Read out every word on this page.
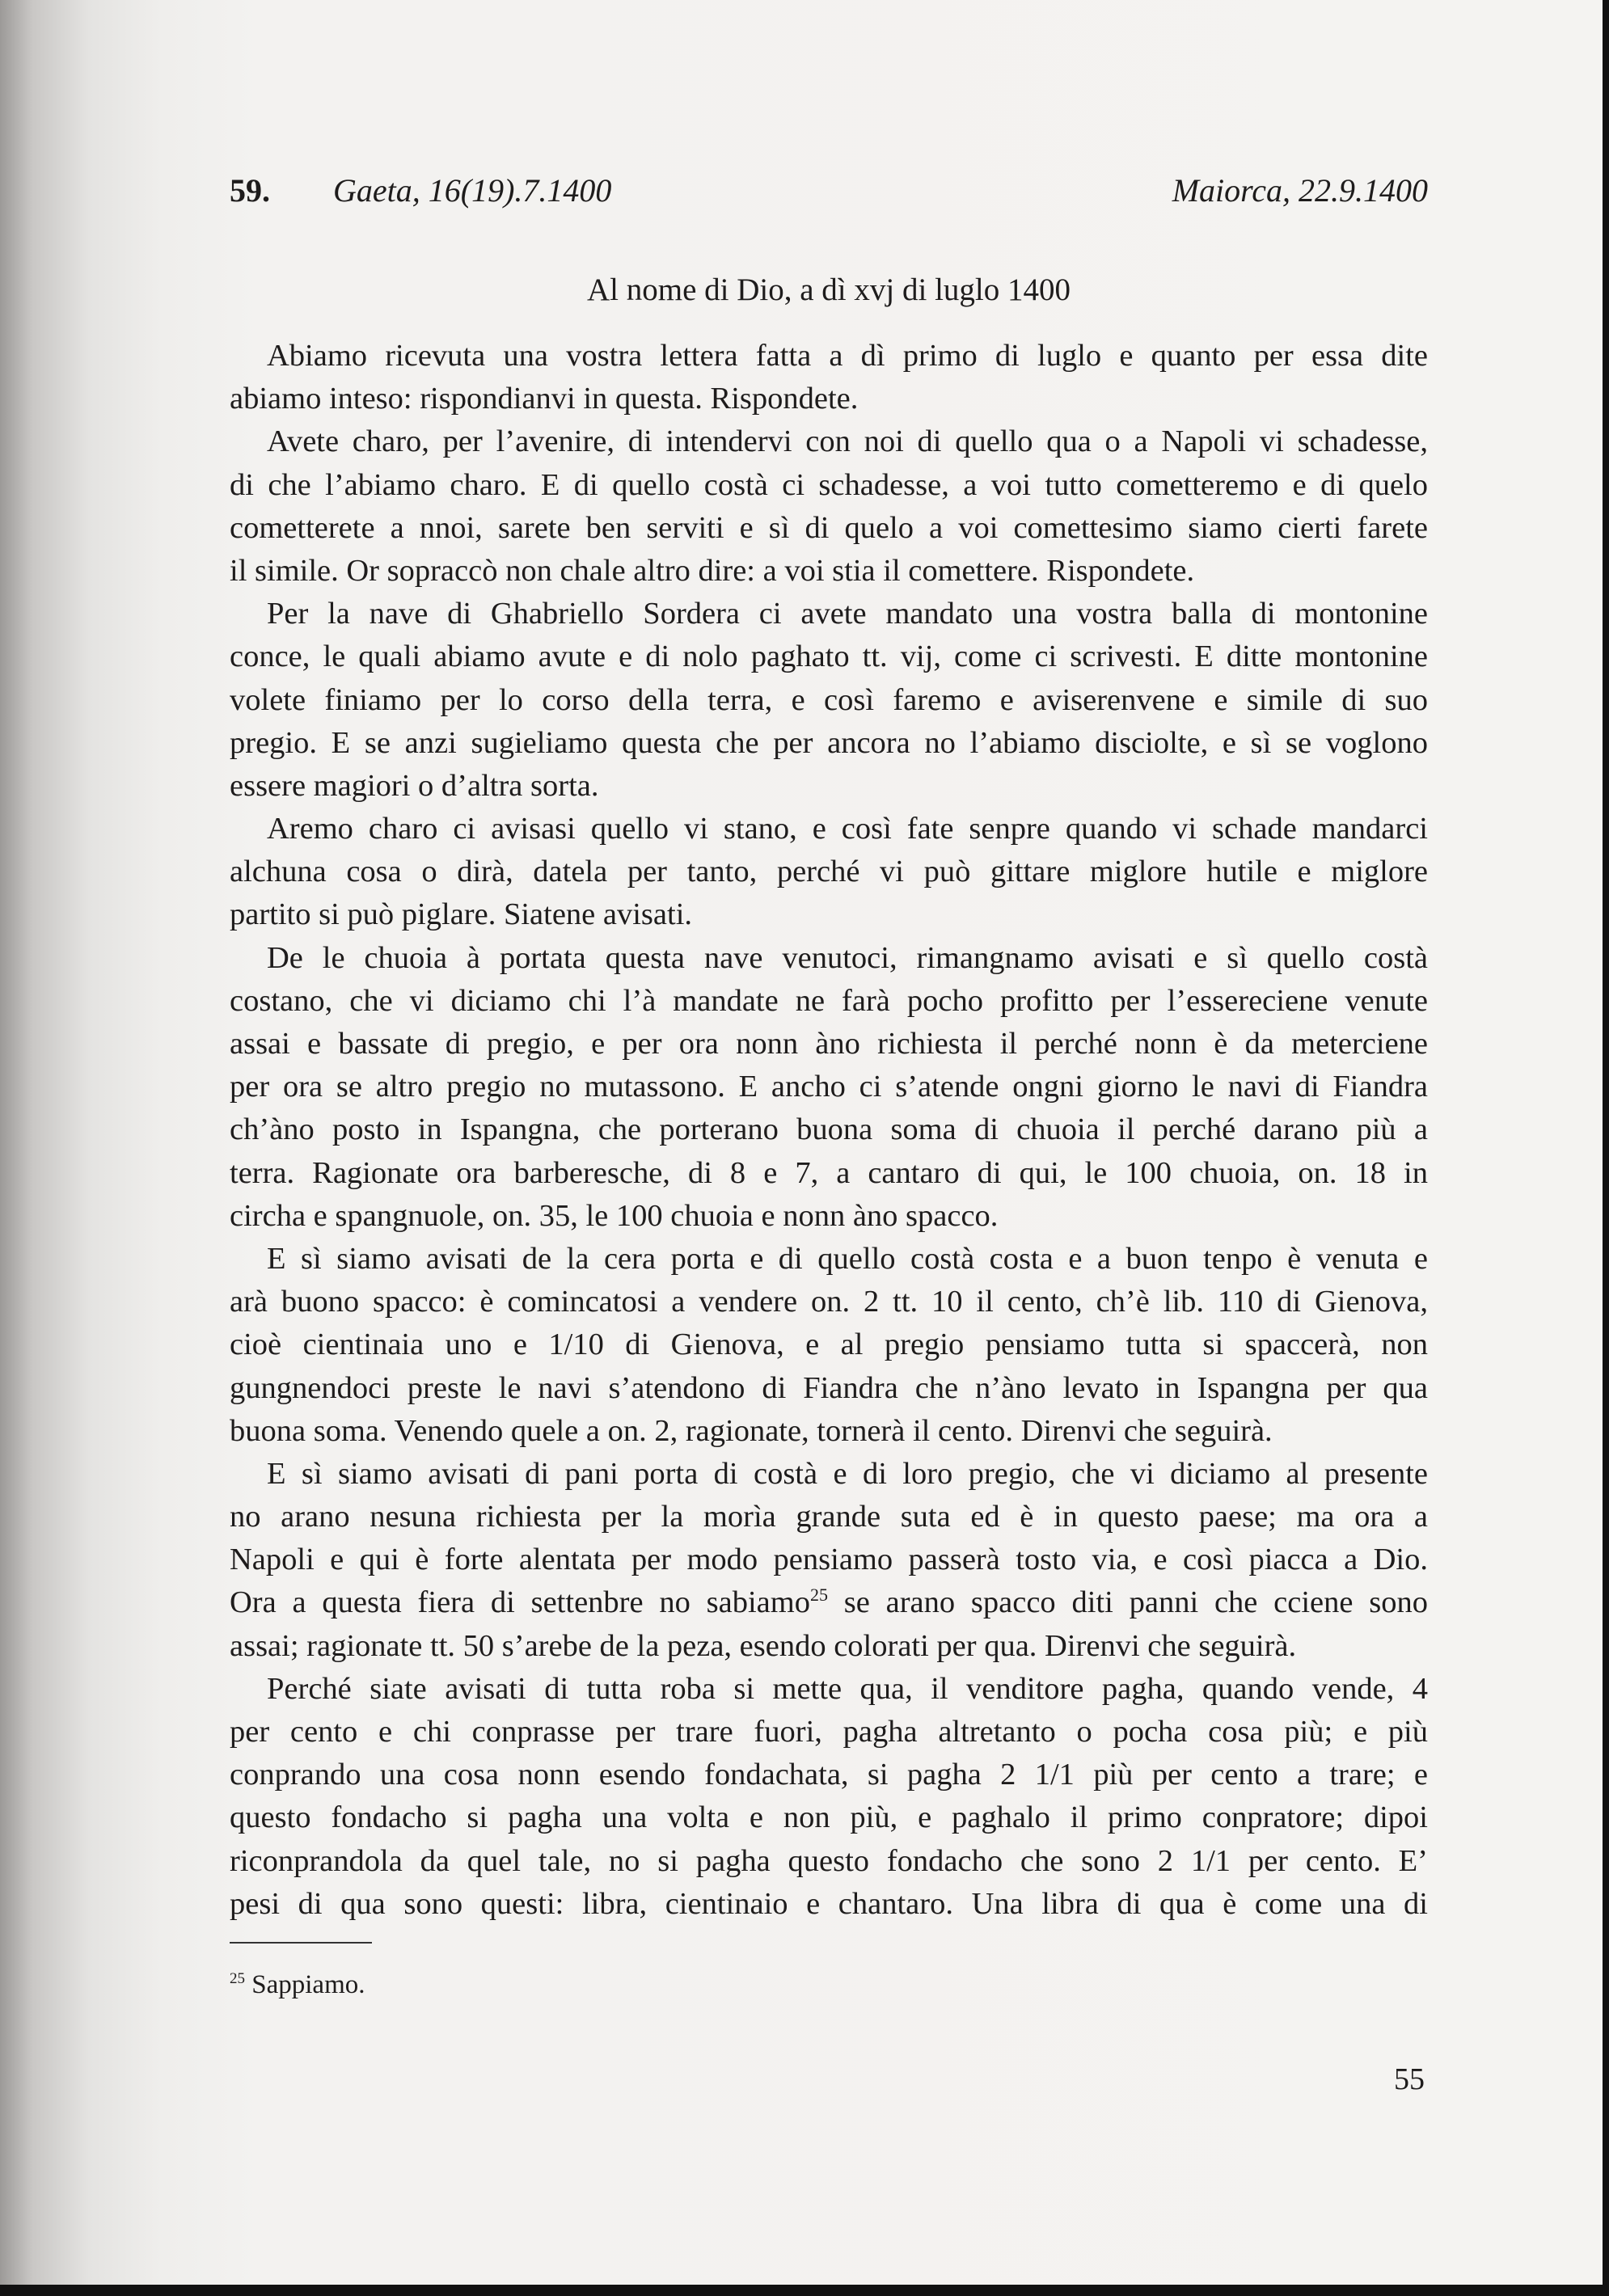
59. Gaeta, 16(19).7.1400	Maiorca, 22.9.1400
Al nome di Dio, a dì xvj di luglo 1400
Abiamo ricevuta una vostra lettera fatta a dì primo di luglo e quanto per essa dite
abiamo inteso: rispondianvi in questa. Rispondete.
Avete charo, per l’avenire, di intendervi con noi di quello qua o a Napoli vi schadesse,
di che l’abiamo charo. E di quello costà ci schadesse, a voi tutto cometteremo e di quelo
cometterete a nnoi, sarete ben serviti e sì di quelo a voi comettesimo siamo cierti farete
il simile. Or sopraccò non chale altro dire: a voi stia il comettere. Rispondete.
Per la nave di Ghabriello Sordera ci avete mandato una vostra balla di montonine
conce, le quali abiamo avute e di nolo paghato tt. vij, come ci scrivesti. E ditte montonine
volete finiamo per lo corso della terra, e così faremo e aviserenvene e simile di suo
pregio. E se anzi sugieliamo questa che per ancora no l’abiamo disciolte, e sì se voglono
essere magiori o d’altra sorta.
Aremo charo ci avisasi quello vi stano, e così fate senpre quando vi schade mandarci
alchuna cosa o dirà, datela per tanto, perché vi può gittare miglore hutile e miglore
partito si può piglare. Siatene avisati.
De le chuoia à portata questa nave venutoci, rimangnamo avisati e sì quello costà
costano, che vi diciamo chi l’à mandate ne farà pocho profitto per l’essereciene venute
assai e bassate di pregio, e per ora nonn àno richiesta il perché nonn è da meterciene
per ora se altro pregio no mutassono. E ancho ci s’atende ongni giorno le navi di Fiandra
ch’àno posto in Ispangna, che porterano buona soma di chuoia il perché darano più a
terra. Ragionate ora barberesche, di 8 e 7, a cantaro di qui, le 100 chuoia, on. 18 in
circha e spangnuole, on. 35, le 100 chuoia e nonn àno spacco.
E sì siamo avisati de la cera porta e di quello costà costa e a buon tenpo è venuta e
arà buono spacco: è comincatosi a vendere on. 2 tt. 10 il cento, ch’è lib. 110 di Gienova,
cioè cientinaia uno e 1/10 di Gienova, e al pregio pensiamo tutta si spaccerà, non
gungnendoci preste le navi s’atendono di Fiandra che n’àno levato in Ispangna per qua
buona soma. Venendo quele a on. 2, ragionate, tornerà il cento. Direnvi che seguirà.
E sì siamo avisati di pani porta di costà e di loro pregio, che vi diciamo al presente
no arano nesuna richiesta per la morìa grande suta ed è in questo paese; ma ora a
Napoli e qui è forte alentata per modo pensiamo passerà tosto via, e così piacca a Dio.
Ora a questa fiera di settenbre no sabiamo$^{25}$ se arano spacco diti panni che cciene sono
assai; ragionate tt. 50 s’arebe de la peza, esendo colorati per qua. Direnvi che seguirà.
Perché siate avisati di tutta roba si mette qua, il venditore pagha, quando vende, 4
per cento e chi conprasse per trare fuori, pagha altretanto o pocha cosa più; e più
conprando una cosa nonn esendo fondachata, si pagha 2 1/1 più per cento a trare; e
questo fondacho si pagha una volta e non più, e paghalo il primo conpratore; dipoi
riconprandola da quel tale, no si pagha questo fondacho che sono 2 1/1 per cento. E’
pesi di qua sono questi: libra, cientinaio e chantaro. Una libra di qua è come una di
$^{25}$ Sappiamo.
55
